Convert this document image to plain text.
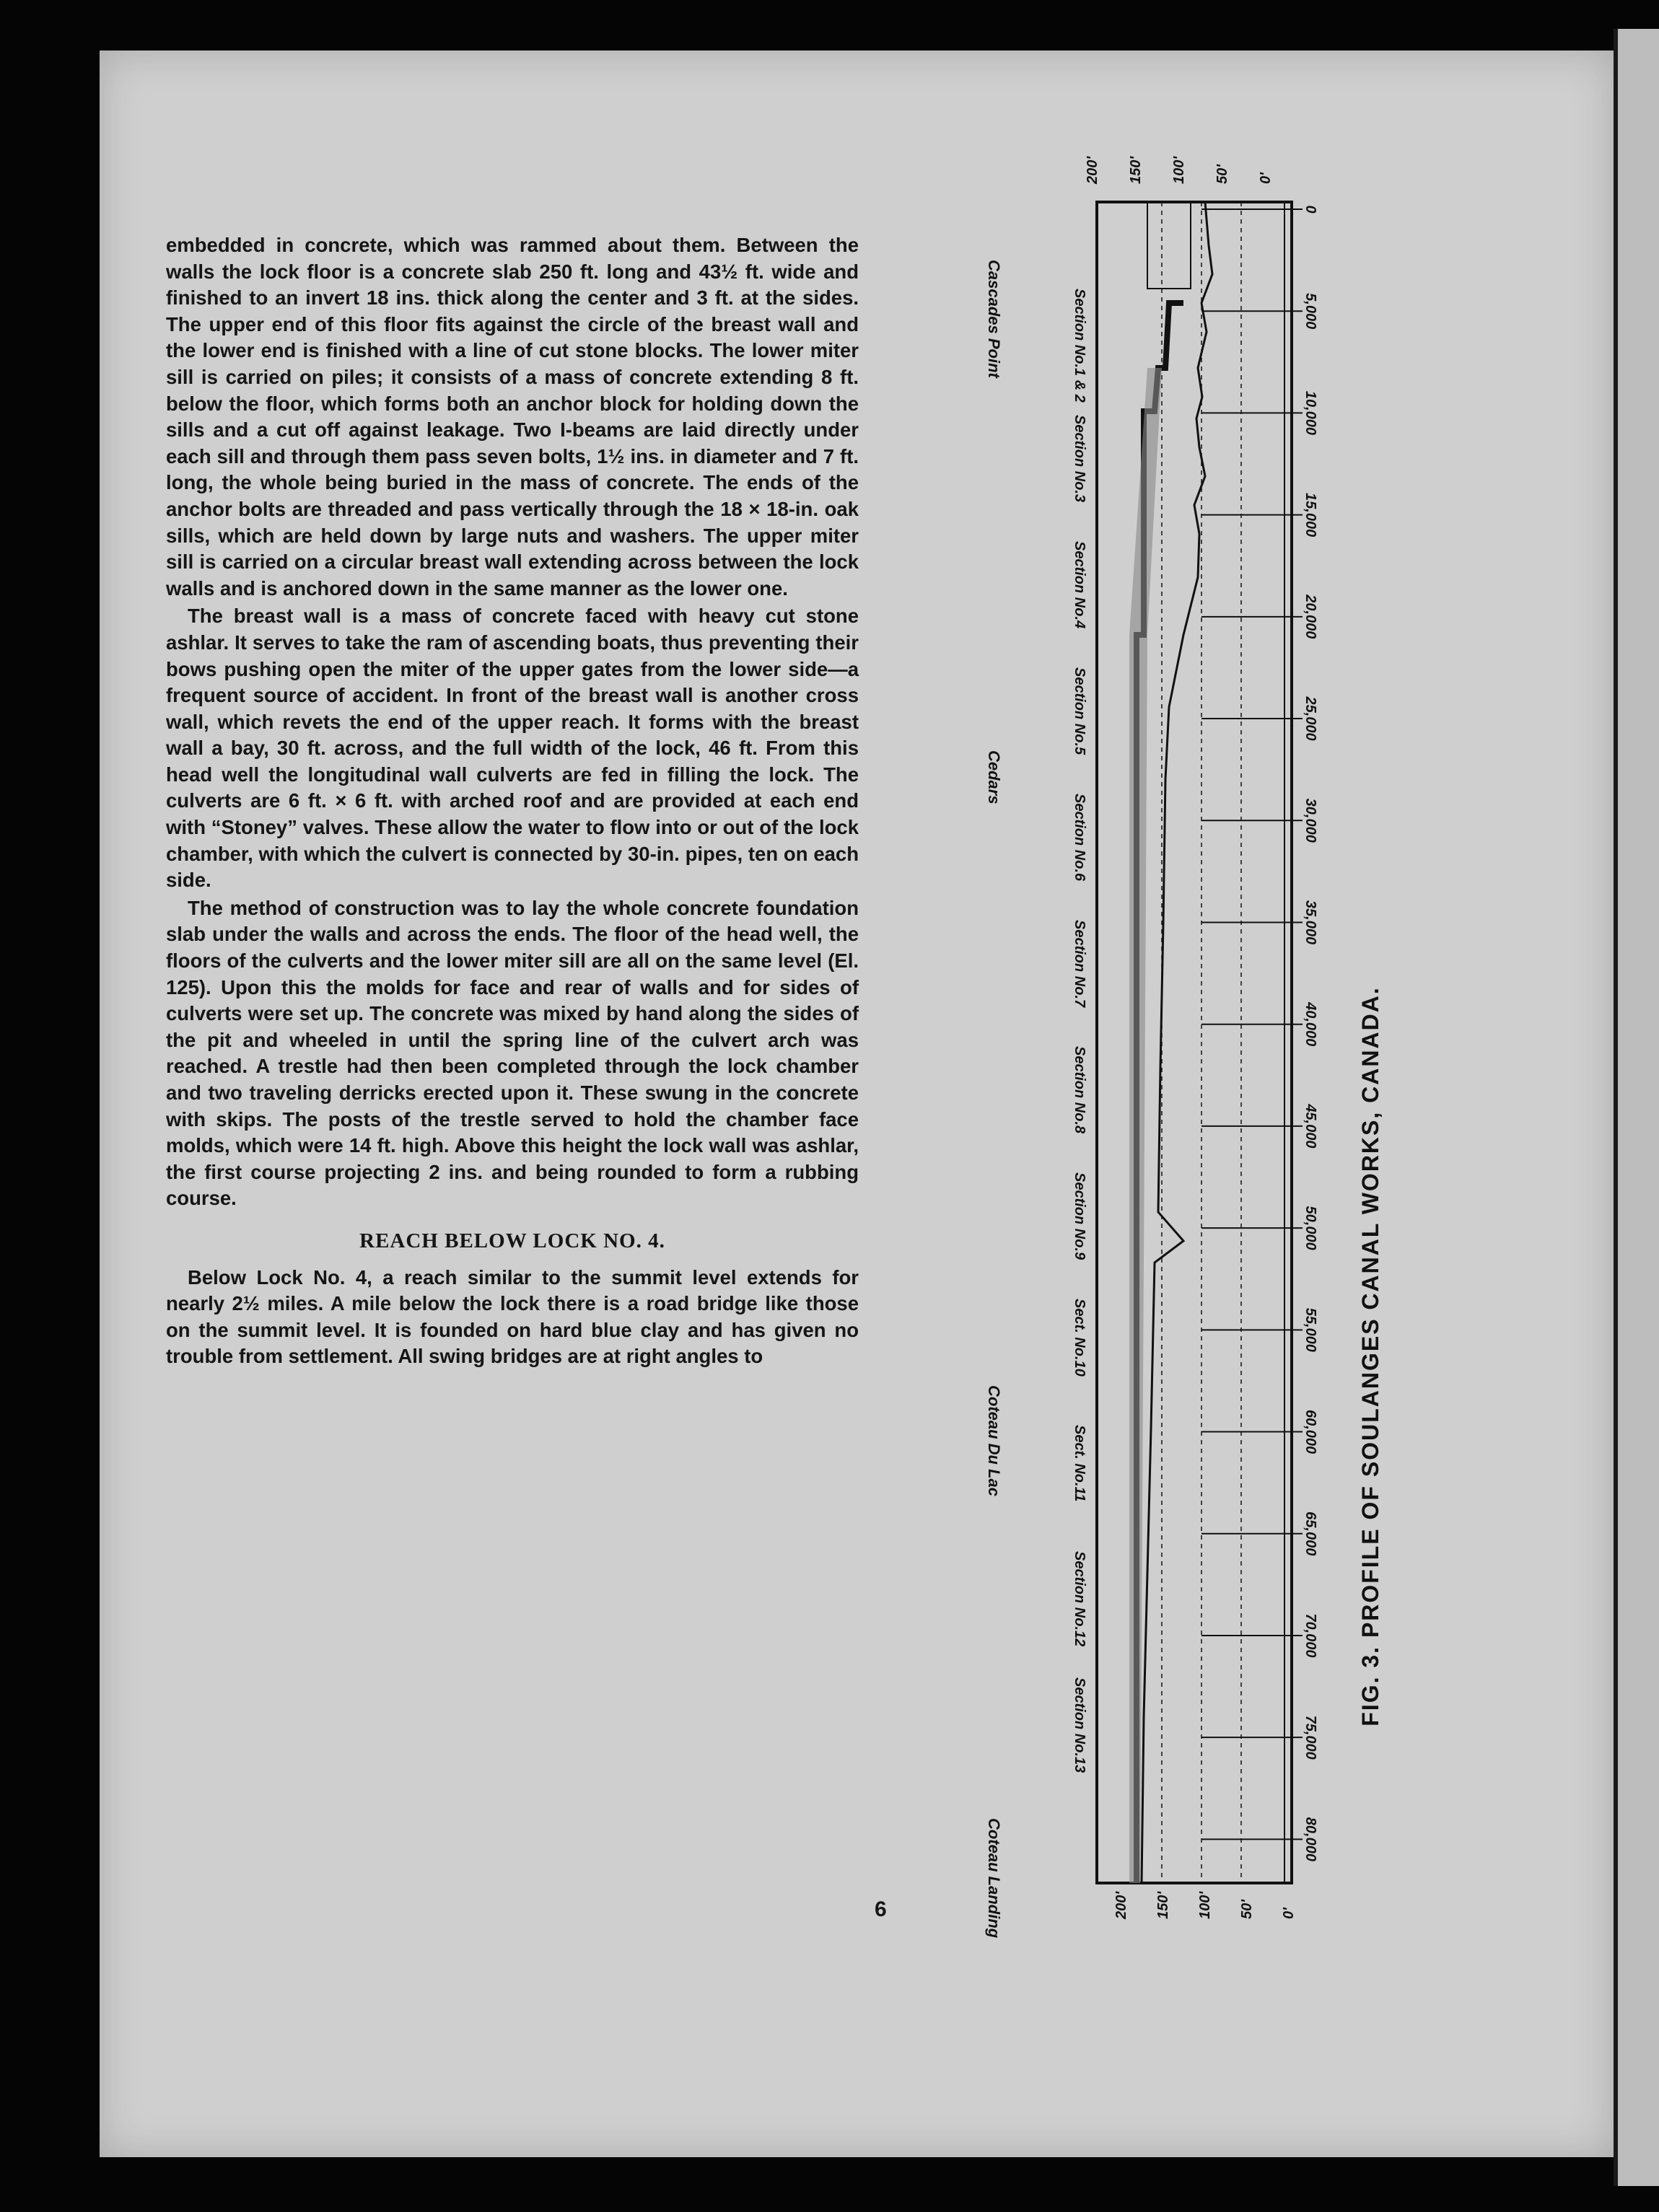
embedded in concrete, which was rammed about them. Between the walls the lock floor is a concrete slab 250 ft. long and 43½ ft. wide and finished to an invert 18 ins. thick along the center and 3 ft. at the sides. The upper end of this floor fits against the circle of the breast wall and the lower end is finished with a line of cut stone blocks. The lower miter sill is carried on piles; it consists of a mass of concrete extending 8 ft. below the floor, which forms both an anchor block for holding down the sills and a cut off against leakage. Two I-beams are laid directly under each sill and through them pass seven bolts, 1½ ins. in diameter and 7 ft. long, the whole being buried in the mass of concrete. The ends of the anchor bolts are threaded and pass vertically through the 18 × 18-in. oak sills, which are held down by large nuts and washers. The upper miter sill is carried on a circular breast wall extending across between the lock walls and is anchored down in the same manner as the lower one.

The breast wall is a mass of concrete faced with heavy cut stone ashlar. It serves to take the ram of ascending boats, thus preventing their bows pushing open the miter of the upper gates from the lower side—a frequent source of accident. In front of the breast wall is another cross wall, which revets the end of the upper reach. It forms with the breast wall a bay, 30 ft. across, and the full width of the lock, 46 ft. From this head well the longitudinal wall culverts are fed in filling the lock. The culverts are 6 ft. × 6 ft. with arched roof and are provided at each end with “Stoney” valves. These allow the water to flow into or out of the lock chamber, with which the culvert is connected by 30-in. pipes, ten on each side.

The method of construction was to lay the whole concrete foundation slab under the walls and across the ends. The floor of the head well, the floors of the culverts and the lower miter sill are all on the same level (El. 125). Upon this the molds for face and rear of walls and for sides of culverts were set up. The concrete was mixed by hand along the sides of the pit and wheeled in until the spring line of the culvert arch was reached. A trestle had then been completed through the lock chamber and two traveling derricks erected upon it. These swung in the concrete with skips. The posts of the trestle served to hold the chamber face molds, which were 14 ft. high. Above this height the lock wall was ashlar, the first course projecting 2 ins. and being rounded to form a rubbing course.

REACH BELOW LOCK NO. 4.

Below Lock No. 4, a reach similar to the summit level extends for nearly 2½ miles. A mile below the lock there is a road bridge like those on the summit level. It is founded on hard blue clay and has given no trouble from settlement. All swing bridges are at right angles to

6
0
5,000
10,000
15,000
20,000
25,000
30,000
35,000
40,000
45,000
50,000
55,000
60,000
65,000
70,000
75,000
80,000
Section No.1 & 2
Section No.3
Section No.4
Section No.5
Section No.6
Section No.7
Section No.8
Section No.9
Sect. No.10
Sect. No.11
Section No.12
Section No.13
Cascades Point
Cedars
Coteau Du Lac
Coteau Landing
200' 150' 100' 50' 0'
200' 150' 100' 50' 0'
FIG. 3. PROFILE OF SOULANGES CANAL WORKS, CANADA.
